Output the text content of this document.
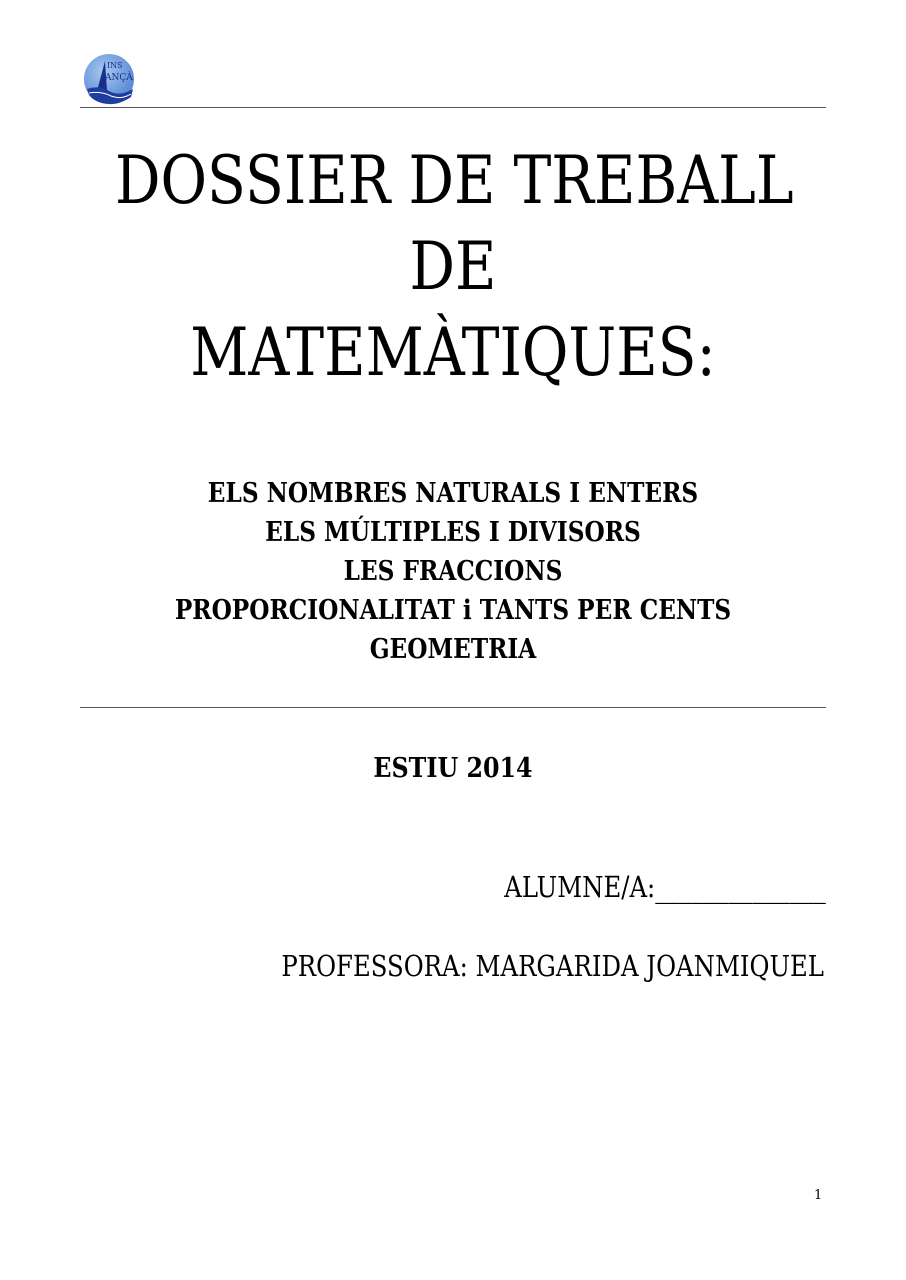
INS
ANÇÀ
DOSSIER DE TREBALL
DE
MATEMÀTIQUES:
ELS NOMBRES NATURALS I ENTERS
ELS MÚLTIPLES I DIVISORS
LES FRACCIONS
PROPORCIONALITAT i TANTS PER CENTS
GEOMETRIA
ESTIU 2014
ALUMNE/A:______________
PROFESSORA: MARGARIDA JOANMIQUEL
1
